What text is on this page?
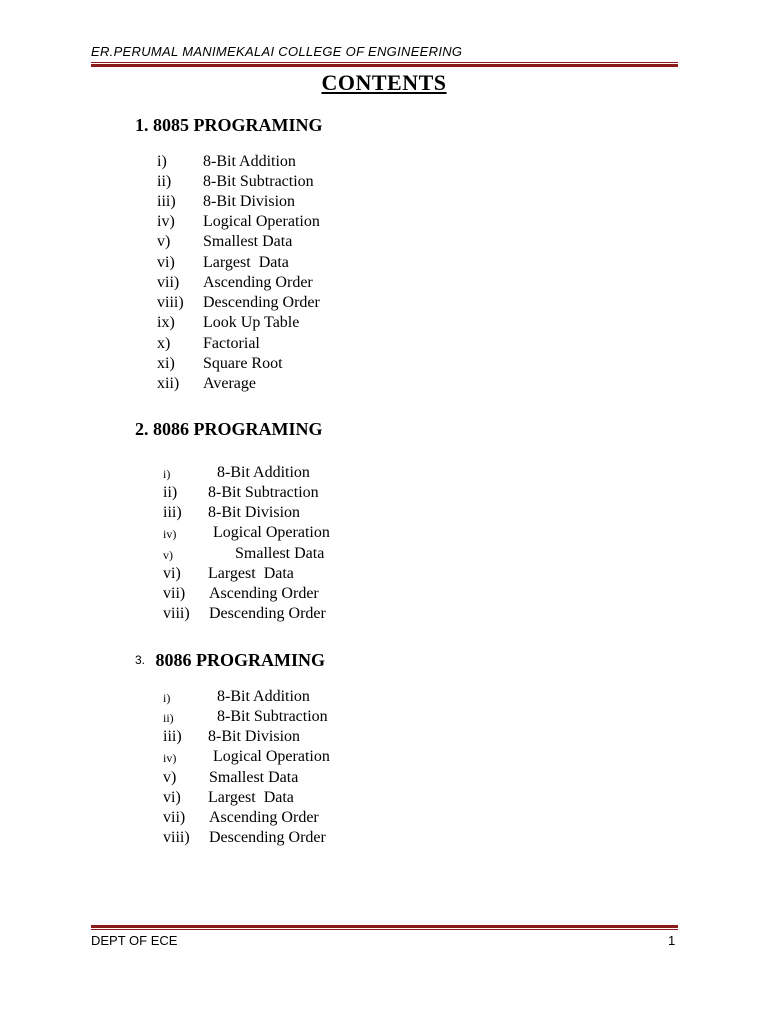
ER.PERUMAL MANIMEKALAI COLLEGE OF ENGINEERING
CONTENTS
1. 8085 PROGRAMING
i) 8-Bit Addition
ii) 8-Bit Subtraction
iii) 8-Bit Division
iv) Logical Operation
v) Smallest Data
vi) Largest  Data
vii) Ascending Order
viii) Descending Order
ix) Look Up Table
x) Factorial
xi) Square Root
xii) Average
2. 8086 PROGRAMING
i)	8-Bit Addition
ii) 8-Bit Subtraction
iii) 8-Bit Division
iv) Logical Operation
v)	Smallest Data
vi) Largest  Data
vii) Ascending Order
viii) Descending Order
3. 8086 PROGRAMING
i)	8-Bit Addition
ii)	8-Bit Subtraction
iii) 8-Bit Division
iv) Logical Operation
v) Smallest Data
vi) Largest  Data
vii) Ascending Order
viii) Descending Order
DEPT OF ECE	1
